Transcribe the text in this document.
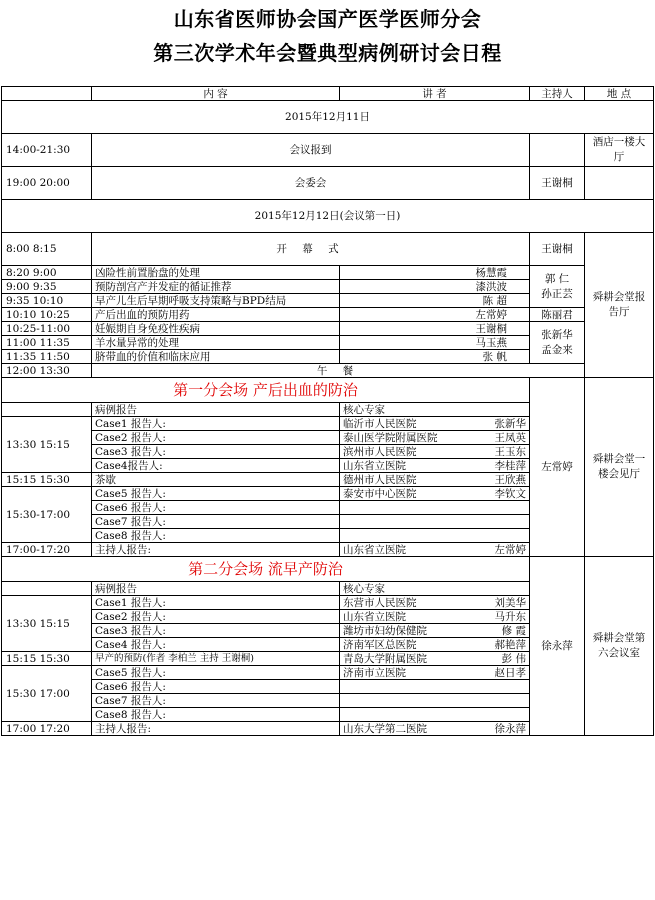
山东省医师协会国产医学医师分会
第三次学术年会暨典型病例研讨会日程
	内 容	讲 者	主持人	地 点
2015年12月11日				
14:00-21:30	会议报到			酒店一楼大厅
19:00 20:00	会委会		王谢桐	
2015年12月12日(会议第一日)				
8:00 8:15	开 幕 式		王谢桐	舜耕会堂报告厅
8:20 9:00	凶险性前置胎盘的处理	杨慧霞	郭 仁
孙正芸	
9:00 9:35	预防剖宫产并发症的循证推荐	漆洪波		
9:35 10:10	早产儿生后早期呼吸支持策略与BPD结局	陈 超		
10:10 10:25	产后出血的预防用药	左常婷	陈丽君	
10:25-11:00	妊娠期自身免疫性疾病	王谢桐	张新华
孟金来	
11:00 11:35	羊水量异常的处理	马玉燕		
11:35 11:50	脐带血的价值和临床应用	张 帆		
12:00 13:30	午 餐			
第一分会场 产后出血的防治			左常婷	舜耕会堂一楼会见厅
	病例报告	核心专家		
13:30 15:15	Case1 报告人:	临沂市人民医院 张新华		

	Case2 报告人:	泰山医学院附属医院 王凤英		

	Case3 报告人:	滨州市人民医院 王玉东		

	Case4报告人:	山东省立医院 李桂萍		

15:15 15:30	茶歇	德州市人民医院 王欣燕		

15:30-17:00	Case5 报告人:	泰安市中心医院 李钦文		

	Case6 报告人:			
	Case7 报告人:			
	Case8 报告人:			
17:00-17:20	主持人报告:	山东省立医院 左常婷		

第二分会场 流早产防治			徐永萍	舜耕会堂第六会议室
	病例报告	核心专家		
13:30 15:15	Case1 报告人:	东营市人民医院 刘美华		

	Case2 报告人:	山东省立医院 马升东		

	Case3 报告人:	潍坊市妇幼保健院 修 霞		

	Case4 报告人:	济南军区总医院 郝艳萍		

15:15 15:30	早产的预防(作者 李柏兰 主持 王谢桐)	青岛大学附属医院 彭 伟		

15:30 17:00	Case5 报告人:	济南市立医院 赵日孝		

	Case6 报告人:			
	Case7 报告人:			
	Case8 报告人:			
17:00 17:20	主持人报告:	山东大学第二医院 徐永萍		
